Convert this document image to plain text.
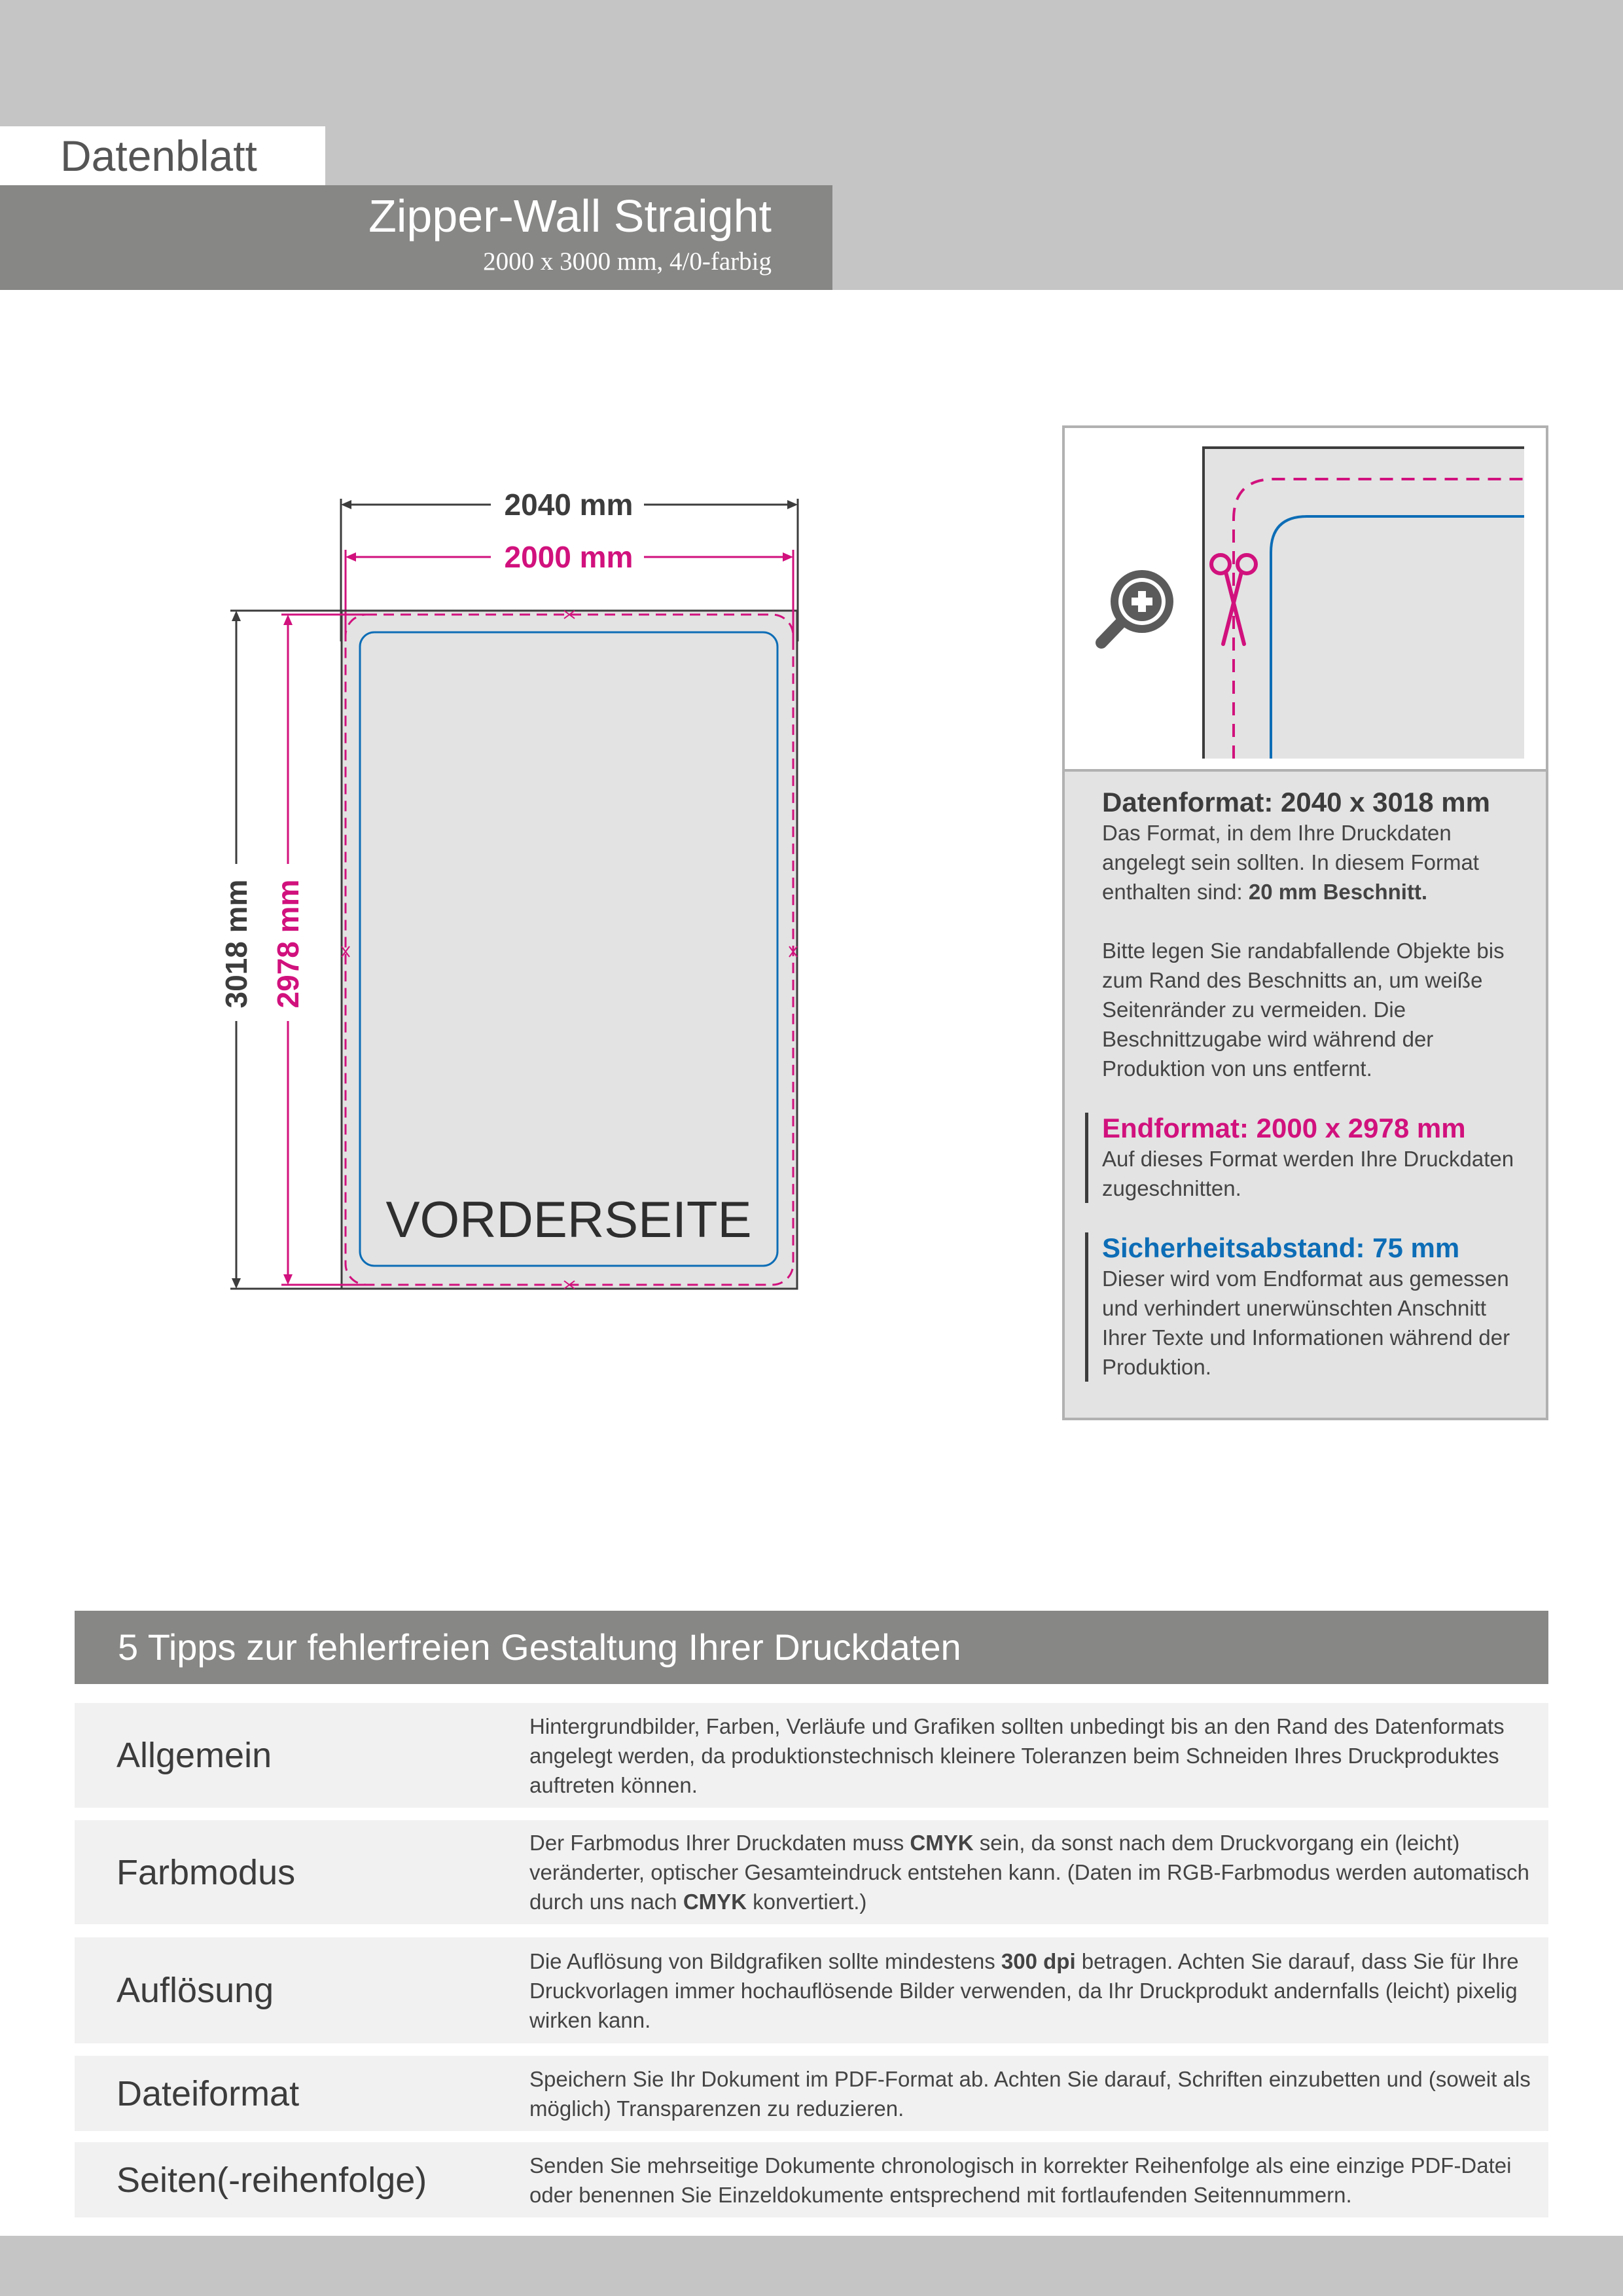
Datenblatt
Zipper-Wall Straight
2000 x 3000 mm, 4/0-farbig
2040 mm
2000 mm
3018 mm 2978 mm
VORDERSEITE
Datenformat: 2040 x 3018 mm
Das Format, in dem Ihre Druckdaten angelegt sein sollten. In diesem Format enthalten sind: 20 mm Beschnitt.
Bitte legen Sie randabfallende Objekte bis zum Rand des Beschnitts an, um weiße Seitenränder zu vermeiden. Die Beschnittzugabe wird während der Produktion von uns entfernt.
Endformat: 2000 x 2978 mm
Auf dieses Format werden Ihre Druckdaten zugeschnitten.
Sicherheitsabstand: 75 mm
Dieser wird vom Endformat aus gemessen und verhindert unerwünschten Anschnitt Ihrer Texte und Informationen während der Produktion.
5 Tipps zur fehlerfreien Gestaltung Ihrer Druckdaten
Allgemein
Hintergrundbilder, Farben, Verläufe und Grafiken sollten unbedingt bis an den Rand des Datenformats angelegt werden, da produktionstechnisch kleinere Toleranzen beim Schneiden Ihres Druckproduktes auftreten können.
Farbmodus
Der Farbmodus Ihrer Druckdaten muss CMYK sein, da sonst nach dem Druckvorgang ein (leicht) veränderter, optischer Gesamteindruck entstehen kann. (Daten im RGB-Farbmodus werden automatisch durch uns nach CMYK konvertiert.)
Auflösung
Die Auflösung von Bildgrafiken sollte mindestens 300 dpi betragen. Achten Sie darauf, dass Sie für Ihre Druckvorlagen immer hochauflösende Bilder verwenden, da Ihr Druckprodukt andernfalls (leicht) pixelig wirken kann.
Dateiformat	Speichern Sie Ihr Dokument im PDF-Format ab. Achten Sie darauf, Schriften einzubetten und (soweit als möglich) Transparenzen zu reduzieren.
Seiten(-reihenfolge)	Senden Sie mehrseitige Dokumente chronologisch in korrekter Reihenfolge als eine einzige PDF-Datei oder benennen Sie Einzeldokumente entsprechend mit fortlaufenden Seitennummern.
